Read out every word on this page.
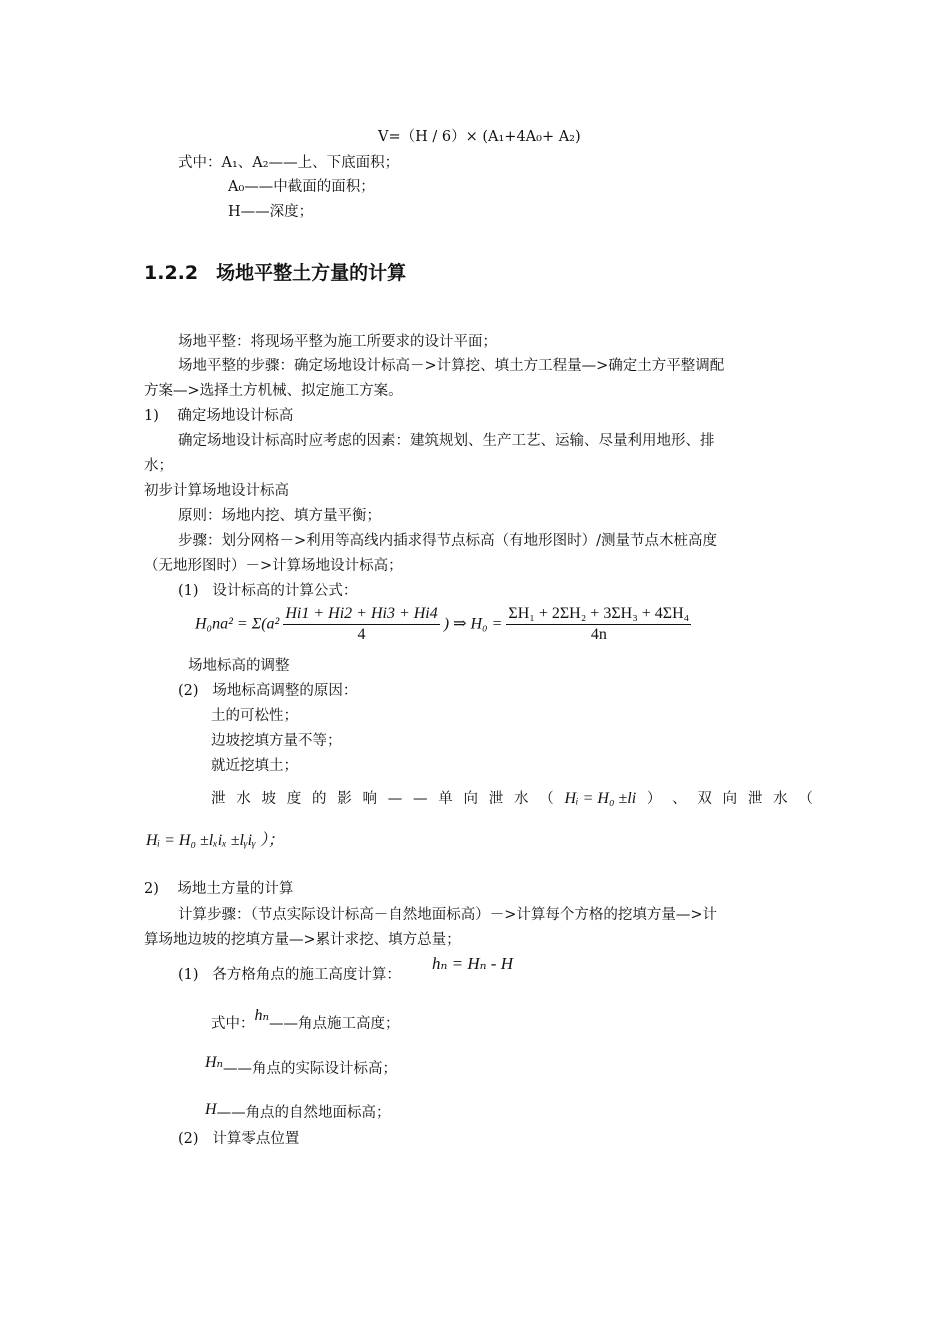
V=（H / 6）× (A₁+4A₀+ A₂)
式中：A₁、A₂——上、下底面积；
A₀——中截面的面积；
H——深度；
1.2.2 场地平整土方量的计算
场地平整：将现场平整为施工所要求的设计平面；
场地平整的步骤：确定场地设计标高－>计算挖、填土方工程量—>确定土方平整调配
方案—>选择土方机械、拟定施工方案。
1)    确定场地设计标高
确定场地设计标高时应考虑的因素：建筑规划、生产工艺、运输、尽量利用地形、排
水；
初步计算场地设计标高
原则：场地内挖、填方量平衡；
步骤：划分网格－>利用等高线内插求得节点标高（有地形图时）/测量节点木桩高度
（无地形图时）－>计算场地设计标高；
(1)   设计标高的计算公式：
$H_0na^2 = \Sigma(a^2 \frac{Hi1 + Hi2 + Hi3 + Hi4}{4}$ ) ⇒ $H_0 = \frac{\text{ΣH₁ + 2ΣH₂ + 3ΣH₃ + 4ΣH₄}}{4n}$
场地标高的调整
(2)   场地标高调整的原因：
土的可松性；
边坡挖填方量不等；
就近挖填土；
泄 水 坡 度 的 影 响 — — 单 向 泄 水 （ Hᵢ = H₀ ±li ） 、 双 向 泄 水 （
Hᵢ = H₀ ±lₓiₓ ±lᵧiᵧ ）；
2)    场地土方量的计算
计算步骤：（节点实际设计标高－自然地面标高）－>计算每个方格的挖填方量—>计
算场地边坡的挖填方量—>累计求挖、填方总量；
(1)   各方格角点的施工高度计算：
hₙ = Hₙ - H
式中：hₙ——角点施工高度；
Hₙ——角点的实际设计标高；
H——角点的自然地面标高；
(2)   计算零点位置
